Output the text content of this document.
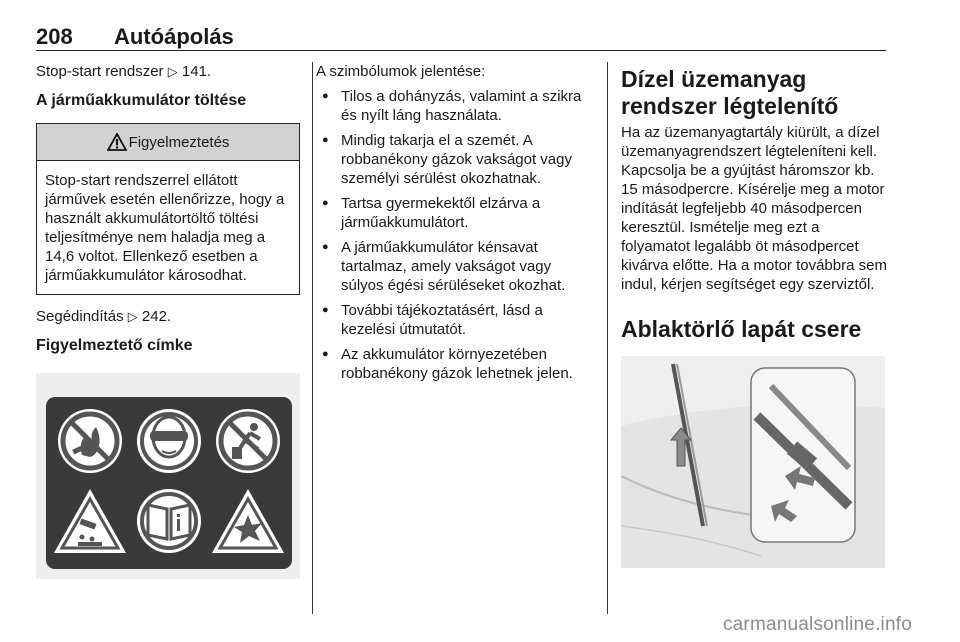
208 Autóápolás

Stop-start rendszer ▷ 141.

A járműakkumulátor töltése
Figyelmeztetés
Stop-start rendszerrel ellátott járművek esetén ellenőrizze, hogy a használt akkumulátortöltő töltési teljesítménye nem haladja meg a 14,6 voltot. Ellenkező esetben a járműakkumulátor károsodhat.

Segédindítás ▷ 242.

Figyelmeztető címke

A szimbólumok jelentése:

● Tilos a dohányzás, valamint a szikra és nyílt láng használata.
● Mindig takarja el a szemét. A robbanékony gázok vakságot vagy személyi sérülést okozhatnak.
● Tartsa gyermekektől elzárva a járműakkumulátort.
● A járműakkumulátor kénsavat tartalmaz, amely vakságot vagy súlyos égési sérüléseket okozhat.
● További tájékoztatásért, lásd a kezelési útmutatót.
● Az akkumulátor környezetében robbanékony gázok lehetnek jelen.
Dízel üzemanyag rendszer légtelenítő

Ha az üzemanyagtartály kiürült, a dízel üzemanyagrendszert légteleníteni kell. Kapcsolja be a gyújtást háromszor kb. 15 másodpercre. Kísérelje meg a motor indítását legfeljebb 40 másodpercen keresztül. Ismételje meg ezt a folyamatot legalább öt másodpercet kivárva előtte. Ha a motor továbbra sem indul, kérjen segítséget egy szerviztől.

Ablaktörlő lapát csere
carmanualsonline.info
